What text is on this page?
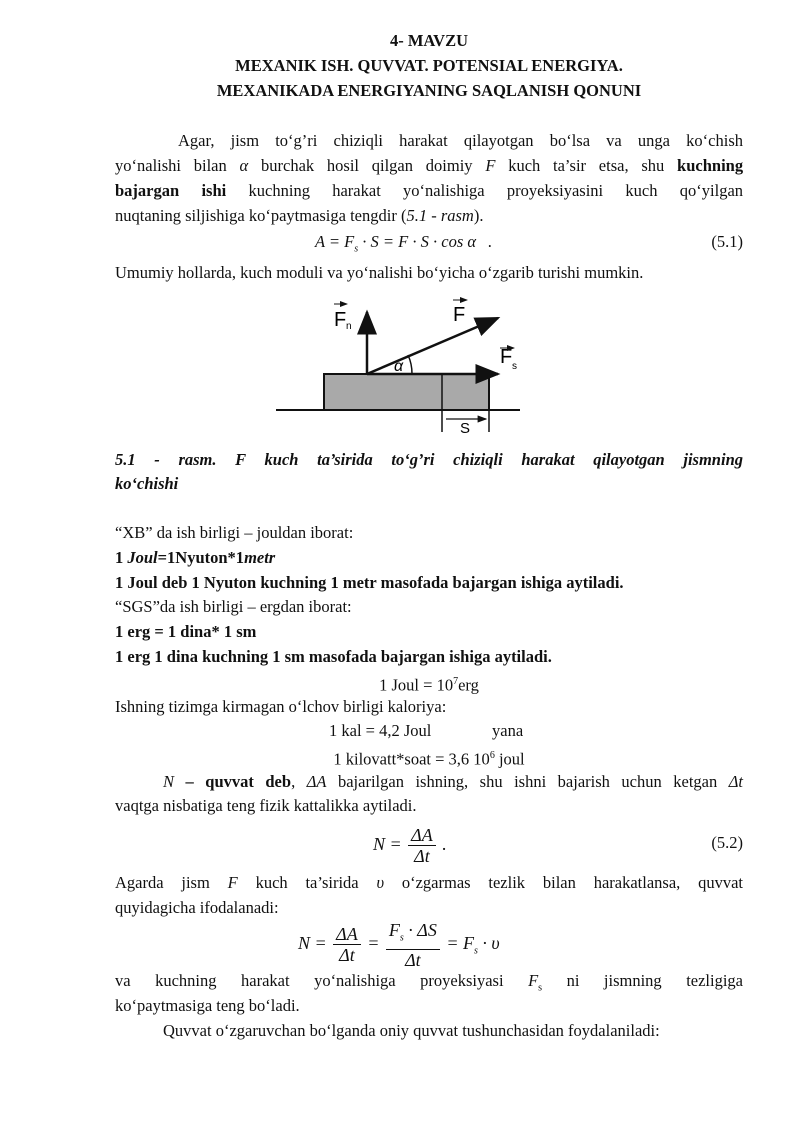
4- MAVZU
MEXANIK ISH. QUVVAT. POTENSIAL ENERGIYA.
MEXANIKADA ENERGIYANING SAQLANISH QONUNI
Agar, jism to‘g’ri chiziqli harakat qilayotgan bo‘lsa va unga ko‘chish
yo‘nalishi bilan α burchak hosil qilgan doimiy F kuch ta’sir etsa, shu kuchning
bajargan ishi kuchning harakat yo‘nalishiga proyeksiyasini kuch qo‘yilgan
nuqtaning siljishiga ko‘paytmasiga tengdir (5.1 - rasm).
$A = F_s \cdot S = F \cdot S \cdot \cos \alpha$ .	(5.1)
Umumiy hollarda, kuch moduli va yo‘nalishi bo‘yicha o‘zgarib turishi mumkin.
α
F n
F
F s
S
5.1 - rasm. F kuch ta’sirida to‘g’ri chiziqli harakat qilayotgan jismning
ko‘chishi
“XB” da ish birligi – jouldan iborat:
1 Joul=1Nyuton*1metr
1 Joul deb 1 Nyuton kuchning 1 metr masofada bajargan ishiga aytiladi.
“SGS”da ish birligi – ergdan iborat:
1 erg = 1 dina* 1 sm
1 erg 1 dina kuchning 1 sm masofada bajargan ishiga aytiladi.
1 Joul = $10^7erg$
Ishning tizimga kirmagan o‘lchov birligi kaloriya:
1 kal = 4,2 Joul	yana
1 kilovatt*soat = 3,6 $10^6$ joul
N – quvvat deb, ΔA bajarilgan ishning, shu ishni bajarish uchun ketgan Δt
vaqtga nisbatiga teng fizik kattalikka aytiladi.
$N = \frac{\Delta A}{\Delta t}$ .	(5.2)
Agarda jism F kuch ta’sirida υ o‘zgarmas tezlik bilan harakatlansa, quvvat
quyidagicha ifodalanadi:
$N = \frac{\Delta A}{\Delta t} = \frac{F_s \cdot \Delta S}{\Delta t} = F_s \cdot \upsilon$
va kuchning harakat yo‘nalishiga proyeksiyasi $F_s$ ni jismning tezligiga
ko‘paytmasiga teng bo‘ladi.
Quvvat o‘zgaruvchan bo‘lganda oniy quvvat tushunchasidan foydalaniladi:
